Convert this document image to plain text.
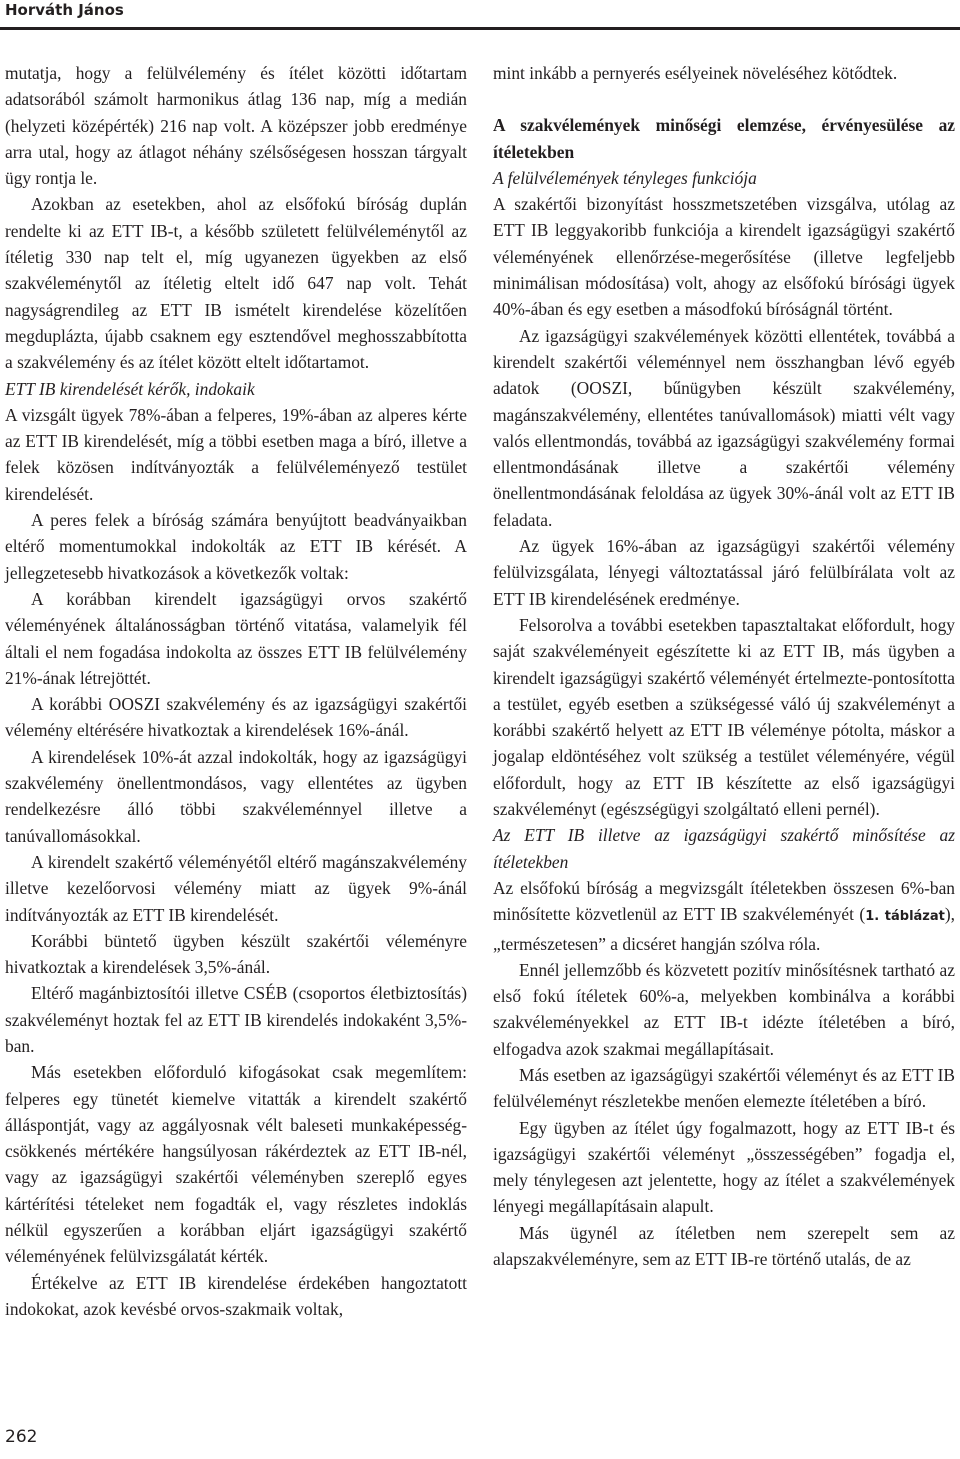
Horváth János

mutatja, hogy a felülvélemény és ítélet közötti időtartam adatsorából számolt harmonikus átlag 136 nap, míg a medián (helyzeti középérték) 216 nap volt. A középszer jobb eredménye arra utal, hogy az átlagot néhány szélsőségesen hosszan tárgyalt ügy rontja le.

Azokban az esetekben, ahol az elsőfokú bíróság duplán rendelte ki az ETT IB-t, a később született felülvéleménytől az ítéletig 330 nap telt el, míg ugyanezen ügyekben az első szakvéleménytől az ítéletig eltelt idő 647 nap volt. Tehát nagyságrendileg az ETT IB ismételt kirendelése közelítően megduplázta, újabb csaknem egy esztendővel meghosszabbította a szakvélemény és az ítélet között eltelt időtartamot.

ETT IB kirendelését kérők, indokaik

A vizsgált ügyek 78%-ában a felperes, 19%-ában az alperes kérte az ETT IB kirendelését, míg a többi esetben maga a bíró, illetve a felek közösen indítványozták a felülvéleményező testület kirendelését.

A peres felek a bíróság számára benyújtott beadványaikban eltérő momentumokkal indokolták az ETT IB kérését. A jellegzetesebb hivatkozások a következők voltak:

A korábban kirendelt igazságügyi orvos szakértő véleményének általánosságban történő vitatása, valamelyik fél általi el nem fogadása indokolta az összes ETT IB felülvélemény 21%-ának létrejöttét.

A korábbi OOSZI szakvélemény és az igazságügyi szakértői vélemény eltérésére hivatkoztak a kirendelések 16%-ánál.

A kirendelések 10%-át azzal indokolták, hogy az igazságügyi szakvélemény önellentmondásos, vagy ellentétes az ügyben rendelkezésre álló többi szakvéleménnyel illetve a tanúvallomásokkal.

A kirendelt szakértő véleményétől eltérő magánszakvélemény illetve kezelőorvosi vélemény miatt az ügyek 9%-ánál indítványozták az ETT IB kirendelését.

Korábbi büntető ügyben készült szakértői véleményre hivatkoztak a kirendelések 3,5%-ánál.

Eltérő magánbiztosítói illetve CSÉB (csoportos életbiztosítás) szakvéleményt hoztak fel az ETT IB kirendelés indokaként 3,5%-ban.

Más esetekben előforduló kifogásokat csak megemlítem: felperes egy tünetét kiemelve vitatták a kirendelt szakértő álláspontját, vagy az aggályosnak vélt baleseti munkaképesség-csökkenés mértékére hangsúlyosan rákérdeztek az ETT IB-nél, vagy az igazságügyi szakértői véleményben szereplő egyes kártérítési tételeket nem fogadták el, vagy részletes indoklás nélkül egyszerűen a korábban eljárt igazságügyi szakértő véleményének felülvizsgálatát kérték.

Értékelve az ETT IB kirendelése érdekében hangoztatott indokokat, azok kevésbé orvos-szakmaik voltak,

mint inkább a pernyerés esélyeinek növeléséhez kötődtek.

A szakvélemények minőségi elemzése, érvényesülése az ítéletekben

A felülvélemények tényleges funkciója

A szakértői bizonyítást hosszmetszetében vizsgálva, utólag az ETT IB leggyakoribb funkciója a kirendelt igazságügyi szakértő véleményének ellenőrzése-megerősítése (illetve legfeljebb minimálisan módosítása) volt, ahogy az elsőfokú bírósági ügyek 40%-ában és egy esetben a másodfokú bíróságnál történt.

Az igazságügyi szakvélemények közötti ellentétek, továbbá a kirendelt szakértői véleménnyel nem összhangban lévő egyéb adatok (OOSZI, bűnügyben készült szakvélemény, magánszakvélemény, ellentétes tanúvallomások) miatti vélt vagy valós ellentmondás, továbbá az igazságügyi szakvélemény formai ellentmondásának illetve a szakértői vélemény önellentmondásának feloldása az ügyek 30%-ánál volt az ETT IB feladata.

Az ügyek 16%-ában az igazságügyi szakértői vélemény felülvizsgálata, lényegi változtatással járó felülbírálata volt az ETT IB kirendelésének eredménye.

Felsorolva a további esetekben tapasztaltakat előfordult, hogy saját szakvéleményeit egészítette ki az ETT IB, más ügyben a kirendelt igazságügyi szakértő véleményét értelmezte-pontosította a testület, egyéb esetben a szükségessé váló új szakvéleményt a korábbi szakértő helyett az ETT IB véleménye pótolta, máskor a jogalap eldöntéséhez volt szükség a testület véleményére, végül előfordult, hogy az ETT IB készítette az első igazságügyi szakvéleményt (egészségügyi szolgáltató elleni pernél).

Az ETT IB illetve az igazságügyi szakértő minősítése az ítéletekben

Az elsőfokú bíróság a megvizsgált ítéletekben összesen 6%-ban minősítette közvetlenül az ETT IB szakvéleményét (1. táblázat), „természetesen” a dicséret hangján szólva róla.

Ennél jellemzőbb és közvetett pozitív minősítésnek tartható az első fokú ítéletek 60%-a, melyekben kombinálva a korábbi szakvéleményekkel az ETT IB-t idézte ítéletében a bíró, elfogadva azok szakmai megállapításait.

Más esetben az igazságügyi szakértői véleményt és az ETT IB felülvéleményt részletekbe menően elemezte ítéletében a bíró.

Egy ügyben az ítélet úgy fogalmazott, hogy az ETT IB-t és igazságügyi szakértői véleményt „összességében” fogadja el, mely ténylegesen azt jelentette, hogy az ítélet a szakvélemények lényegi megállapításain alapult.

Más ügynél az ítéletben nem szerepelt sem az alapszakvéleményre, sem az ETT IB-re történő utalás, de az

262
